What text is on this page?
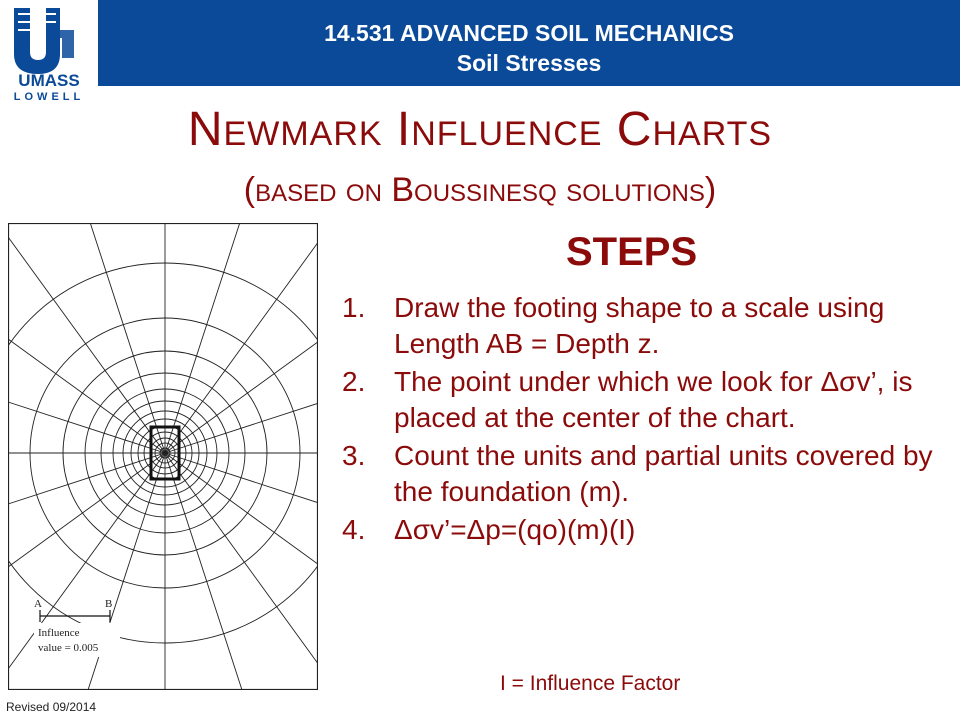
UMASS
LOWELL
14.531 ADVANCED SOIL MECHANICS
Soil Stresses
Newmark Influence Charts
(based on Boussinesq solutions)
A	B
Influence
value = 0.005
STEPS
1. Draw the footing shape to a scale using Length AB = Depth z.
2. The point under which we look for Δσv’, is placed at the center of the chart.
3. Count the units and partial units covered by the foundation (m).
4. Δσv’=Δp=(qo)(m)(I)
I = Influence Factor
Revised 09/2014
